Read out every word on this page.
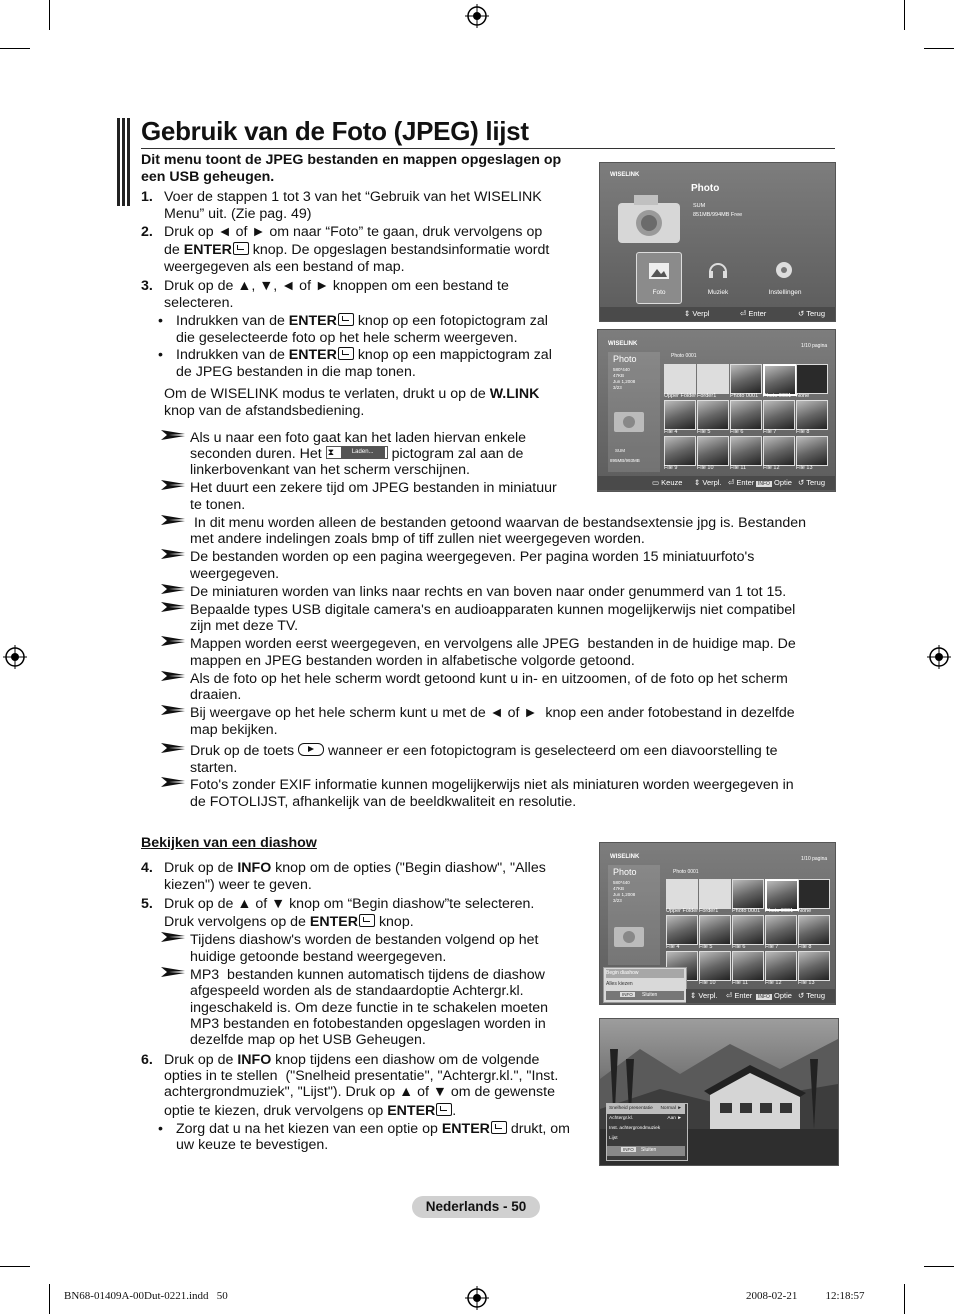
Gebruik van de Foto (JPEG) lijst
Dit menu toont de JPEG bestanden en mappen opgeslagen op een USB geheugen.
1. Voer de stappen 1 tot 3 van het “Gebruik van het WISELINK Menu” uit. (Zie pag. 49)
2. Druk op ◄ of ► om naar “Foto” te gaan, druk vervolgens op
de ENTER knop. De opgeslagen bestandsinformatie wordt
weergegeven als een bestand of map.
3. Druk op de ▲, ▼, ◄ of ► knoppen om een bestand te
selecteren.
• Indrukken van de ENTER knop op een fotopictogram zal
die geselecteerde foto op het hele scherm weergeven.
• Indrukken van de ENTER knop op een mappictogram zal
de JPEG bestanden in die map tonen.
Om de WISELINK modus te verlaten, drukt u op de W.LINK
knop van de afstandsbediening.
Als u naar een foto gaat kan het laden hiervan enkele
seconden duren. Het ⧗	Laden...	pictogram zal aan de
linkerbovenkant van het scherm verschijnen.
Het duurt een zekere tijd om JPEG bestanden in miniatuur
te tonen.
In dit menu worden alleen de bestanden getoond waarvan de bestandsextensie jpg is. Bestanden
met andere indelingen zoals bmp of tiff zullen niet weergegeven worden.
De bestanden worden op een pagina weergegeven. Per pagina worden 15 miniatuurfoto's
weergegeven.
De miniaturen worden van links naar rechts en van boven naar onder genummerd van 1 tot 15.
Bepaalde types USB digitale camera's en audioapparaten kunnen mogelijkerwijs niet compatibel
zijn met deze TV.
Mappen worden eerst weergegeven, en vervolgens alle JPEG  bestanden in de huidige map. De
mappen en JPEG bestanden worden in alfabetische volgorde getoond.
Als de foto op het hele scherm wordt getoond kunt u in- en uitzoomen, of de foto op het scherm
draaien.
Bij weergave op het hele scherm kunt u met de ◄ of ►  knop een ander fotobestand in dezelfde
map bekijken.
Druk op de toets wanneer er een fotopictogram is geselecteerd om een diavoorstelling te
starten.
Foto's zonder EXIF informatie kunnen mogelijkerwijs niet als miniaturen worden weergegeven in
de FOTOLIJST, afhankelijk van de beeldkwaliteit en resolutie.
Bekijken van een diashow
4. Druk op de INFO knop om de opties ("Begin diashow", "Alles
kiezen") weer te geven.
5. Druk op de ▲ of ▼ knop om “Begin diashow”te selecteren.
Druk vervolgens op de ENTER knop.
Tijdens diashow's worden de bestanden volgend op het
huidige getoonde bestand weergegeven.
MP3  bestanden kunnen automatisch tijdens de diashow
afgespeeld worden als de standaardoptie Achtergr.kl.
ingeschakeld is. Om deze functie in te schakelen moeten
MP3 bestanden en fotobestanden opgeslagen worden in
dezelfde map op het USB Geheugen.
6. Druk op de INFO knop tijdens een diashow om de volgende
opties in te stellen  ("Snelheid presentatie", "Achtergr.kl.", "Inst.
achtergrondmuziek", "Lijst"). Druk op ▲ of ▼ om de gewenste
optie te kiezen, druk vervolgens op ENTER .
• Zorg dat u na het kiezen van een optie op ENTER drukt, om
uw keuze te bevestigen.
WISELINK
Photo
SUM
851MB/994MB Free
Foto	Muziek	Instellingen
⇕ Verpl	⏎ Enter	↺ Terug
WISELINK	1/10 pagina
Photo
580*440
47KB
Jun 1,2008
3/23
SUM
895MB/993MB
Photo 0001
Upper Folder Forder1 Photo 0001 Photo 0001 None
File 4	File 5	File 6	File 7	File 8
File 9	File 10	File 11	File 12	File 13
▭ Keuze ⇕ Verpl. ⏎ Enter INFO Optie ↺ Terug
WISELINK	1/10 pagina
Photo
580*440
47KB
Jun 1,2008
3/23
Photo 0001
Upper Folder Forder1 Photo 0001 Photo 0001 None
File 4	File 5	File 6	File 7	File 8
File 10	File 11	File 12	File 13
Begin diashow
Alles kiezen
INFO	Sluiten	⇕ Verpl. ⏎ Enter	INFO Optie ↺ Terug
Snelheid presentatie Normal ►
Achtergr.kl.	Aan ►
Inst. achtergrondmuziek
Lijst
INFO	Sluiten
Nederlands - 50
BN68-01409A-00Dut-0221.indd   50	2008-02-21   ￿￿ 12:18:57
